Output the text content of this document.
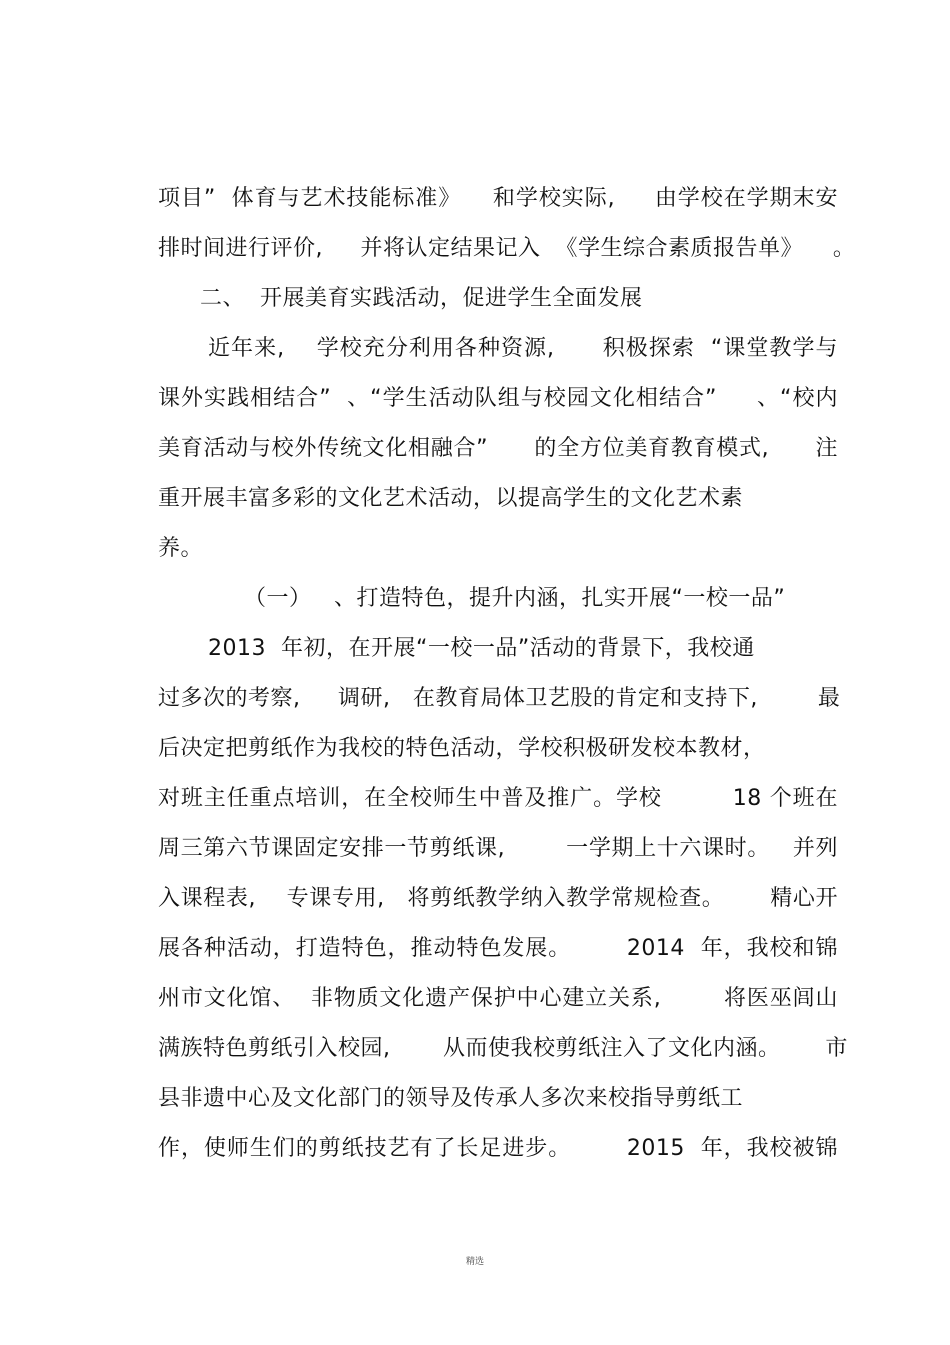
项目”  体育与艺术技能标准》    和学校实际,     由学校在学期末安
排时间进行评价,     并将认定结果记入  《学生综合素质报告单》    。
二、  开展美育实践活动，促进学生全面发展
近年来,    学校充分利用各种资源,      积极探索  “课堂教学与
课外实践相结合”  、“学生活动队组与校园文化相结合”     、“校内
美育活动与校外传统文化相融合”      的全方位美育教育模式,      注
重开展丰富多彩的文化艺术活动，以提高学生的文化艺术素
养。
（一）   、打造特色，提升内涵，扎实开展“一校一品”
2013  年初，在开展“一校一品”活动的背景下，我校通
过多次的考察,     调研,   在教育局体卫艺股的肯定和支持下,        最
后决定把剪纸作为我校的特色活动，学校积极研发校本教材，
对班主任重点培训，在全校师生中普及推广。学校         18 个班在
周三第六节课固定安排一节剪纸课,        一学期上十六课时。   并列
入课程表,    专课专用,   将剪纸教学纳入教学常规检查。      精心开
展各种活动，打造特色，推动特色发展。       2014  年，我校和锦
州市文化馆、  非物质文化遗产保护中心建立关系,        将医巫闾山
满族特色剪纸引入校园,       从而使我校剪纸注入了文化内涵。      市
县非遗中心及文化部门的领导及传承人多次来校指导剪纸工
作，使师生们的剪纸技艺有了长足进步。       2015  年，我校被锦
精选
